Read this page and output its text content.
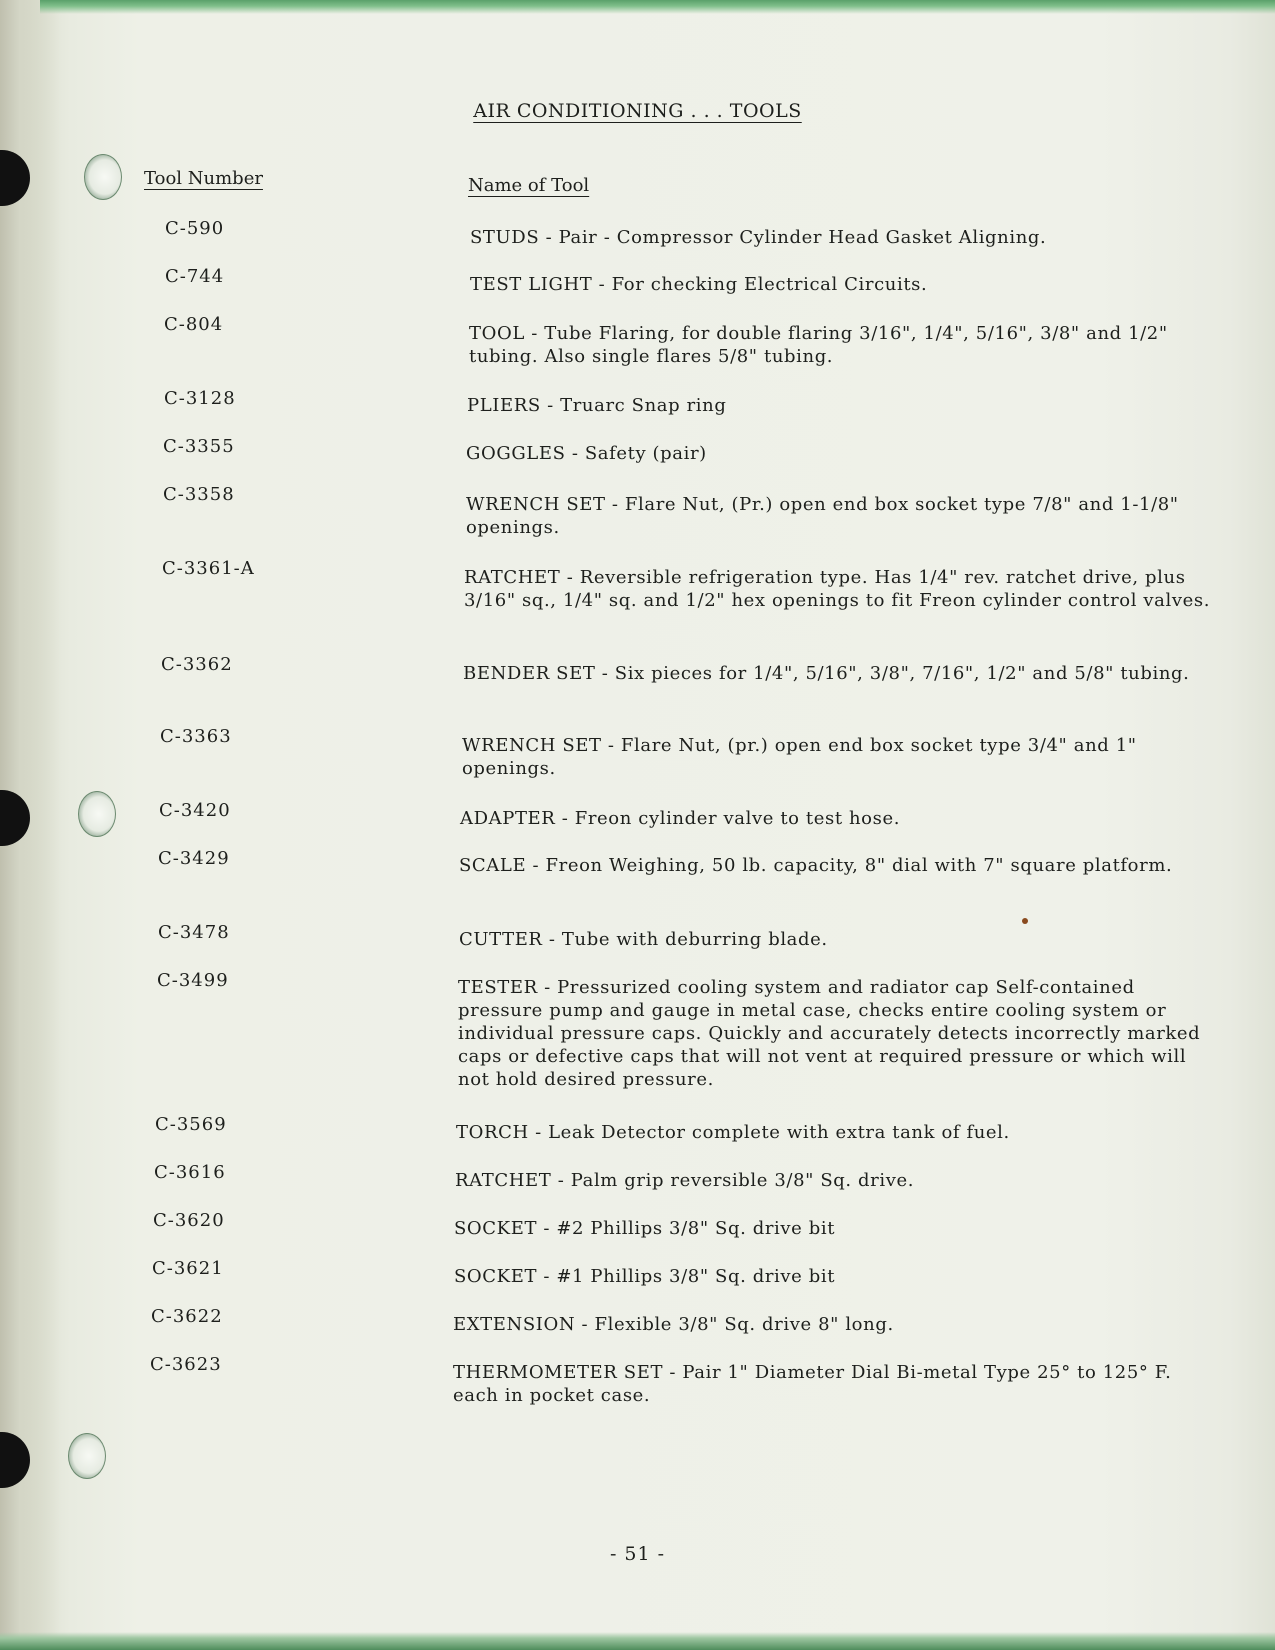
AIR CONDITIONING . . . TOOLS
Tool Number	Name of Tool
C-590	STUDS - Pair - Compressor Cylinder Head Gasket Aligning.
C-744	TEST LIGHT - For checking Electrical Circuits.
C-804	TOOL - Tube Flaring, for double flaring 3/16", 1/4", 5/16", 3/8" and 1/2" tubing. Also single flares 5/8" tubing.
C-3128	PLIERS - Truarc Snap ring
C-3355	GOGGLES - Safety (pair)
C-3358	WRENCH SET - Flare Nut, (Pr.) open end box socket type 7/8" and 1-1/8" openings.
C-3361-A	RATCHET - Reversible refrigeration type. Has 1/4" rev. ratchet drive, plus 3/16" sq., 1/4" sq. and 1/2" hex openings to fit Freon cylinder control valves.
C-3362	BENDER SET - Six pieces for 1/4", 5/16", 3/8", 7/16", 1/2" and 5/8" tubing.
C-3363	WRENCH SET - Flare Nut, (pr.) open end box socket type 3/4" and 1" openings.
C-3420	ADAPTER - Freon cylinder valve to test hose.
C-3429	SCALE - Freon Weighing, 50 lb. capacity, 8" dial with 7" square platform.
C-3478	CUTTER - Tube with deburring blade.
C-3499	TESTER - Pressurized cooling system and radiator cap Self-contained pressure pump and gauge in metal case, checks entire cooling system or individual pressure caps. Quickly and accurately detects incorrectly marked caps or defective caps that will not vent at required pressure or which will not hold desired pressure.
C-3569	TORCH - Leak Detector complete with extra tank of fuel.
C-3616	RATCHET - Palm grip reversible 3/8" Sq. drive.
C-3620	SOCKET - #2 Phillips 3/8" Sq. drive bit
C-3621	SOCKET - #1 Phillips 3/8" Sq. drive bit
C-3622	EXTENSION - Flexible 3/8" Sq. drive 8" long.
C-3623	THERMOMETER SET - Pair 1" Diameter Dial Bi-metal Type 25° to 125° F. each in pocket case.
- 51 -
